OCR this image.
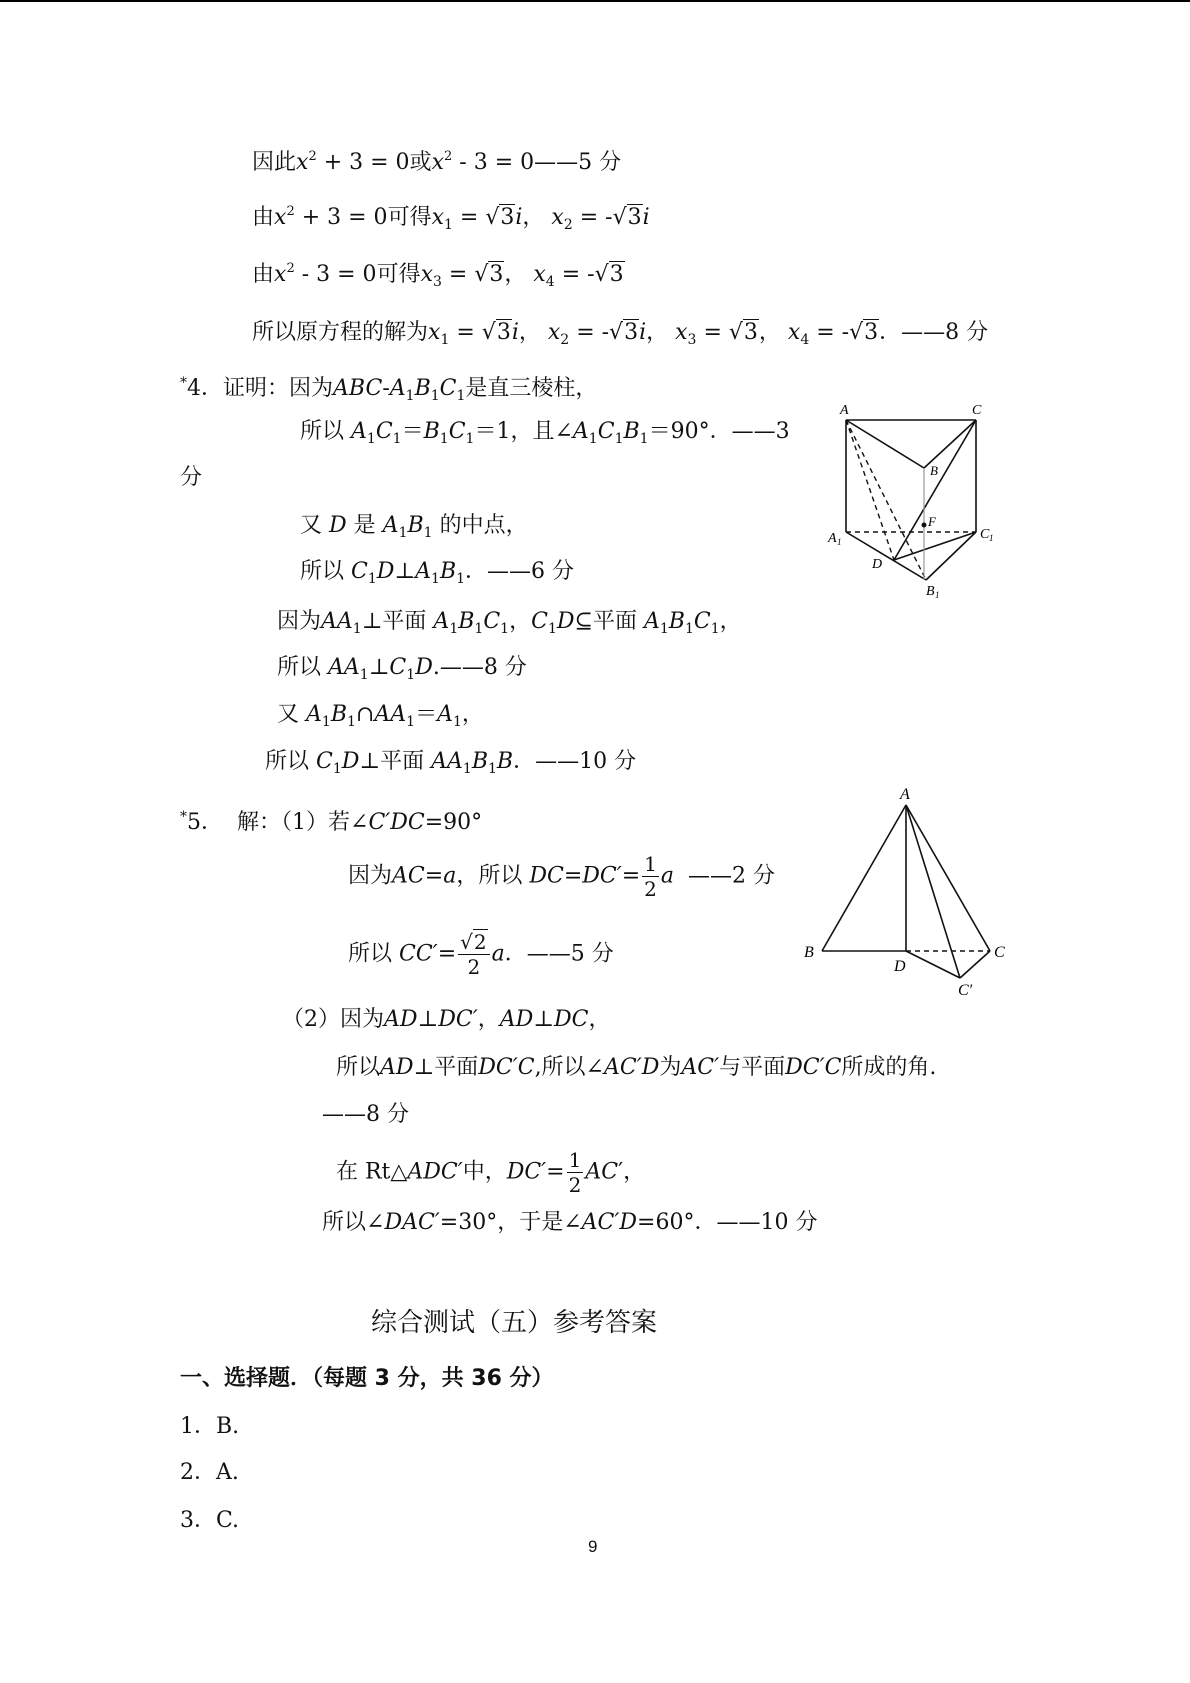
因此$x^2 + 3 = 0$或$x^2 - 3$ = 0——5 分
由$x^2 + 3 = 0$可得$x_1 = √3i$， $x_2 = -√3i$
由$x^2 - 3 = 0$可得$x_3 = √3$， $x_4 = -√3$
所以原方程的解为$x_1 = √3i$， $x_2 = -√3i$， $x_3 = √3$， $x_4 = -√3$．——8 分
*4．证明：因为ABC-$A_1B_1C_1$是直三棱柱，
所以 $A_1C_1=B_1C_1=1$，且$\angle A_1C_1B_1=90^\circ$．——3
分
又 D 是 $A_1B_1$ 的中点，
所以 $C_1D\perp A_1B_1$．——6 分
因为$AA_1\perp$平面 $A_1B_1C_1$，$C_1D⊆$平面 $A_1B_1C_1$，
所以 $AA_1\perp C_1D.——8$ 分
又 $A_1B_1\cap AA_1=A_1$，
所以 $C_1D\perp$平面 $AA_1B_1B$．——10 分
A	C
B
F
A 1	C 1
D
B 1
*5． 解：（1）若∠C′DC=90°
因为AC=a，所以 $DC=DC'= \frac{1}{2}$ a ——2 分
所以 $CC'= \frac{√2}{2}$ a．——5 分
（2）因为AD⊥DC′，AD⊥DC，
所以AD⊥平面DC′C,所以∠AC′D为AC′与平面DC′C所成的角.
——8 分
在 Rt△ADC′中，$DC'= \frac{1}{2} AC'$，
所以∠DAC′=30°，于是∠AC′D=60°．——10 分
A
B	C
D
C′
综合测试（五）参考答案
一、选择题．（每题 3 分，共 36 分）
1．B.
2．A.
3．C.
9
